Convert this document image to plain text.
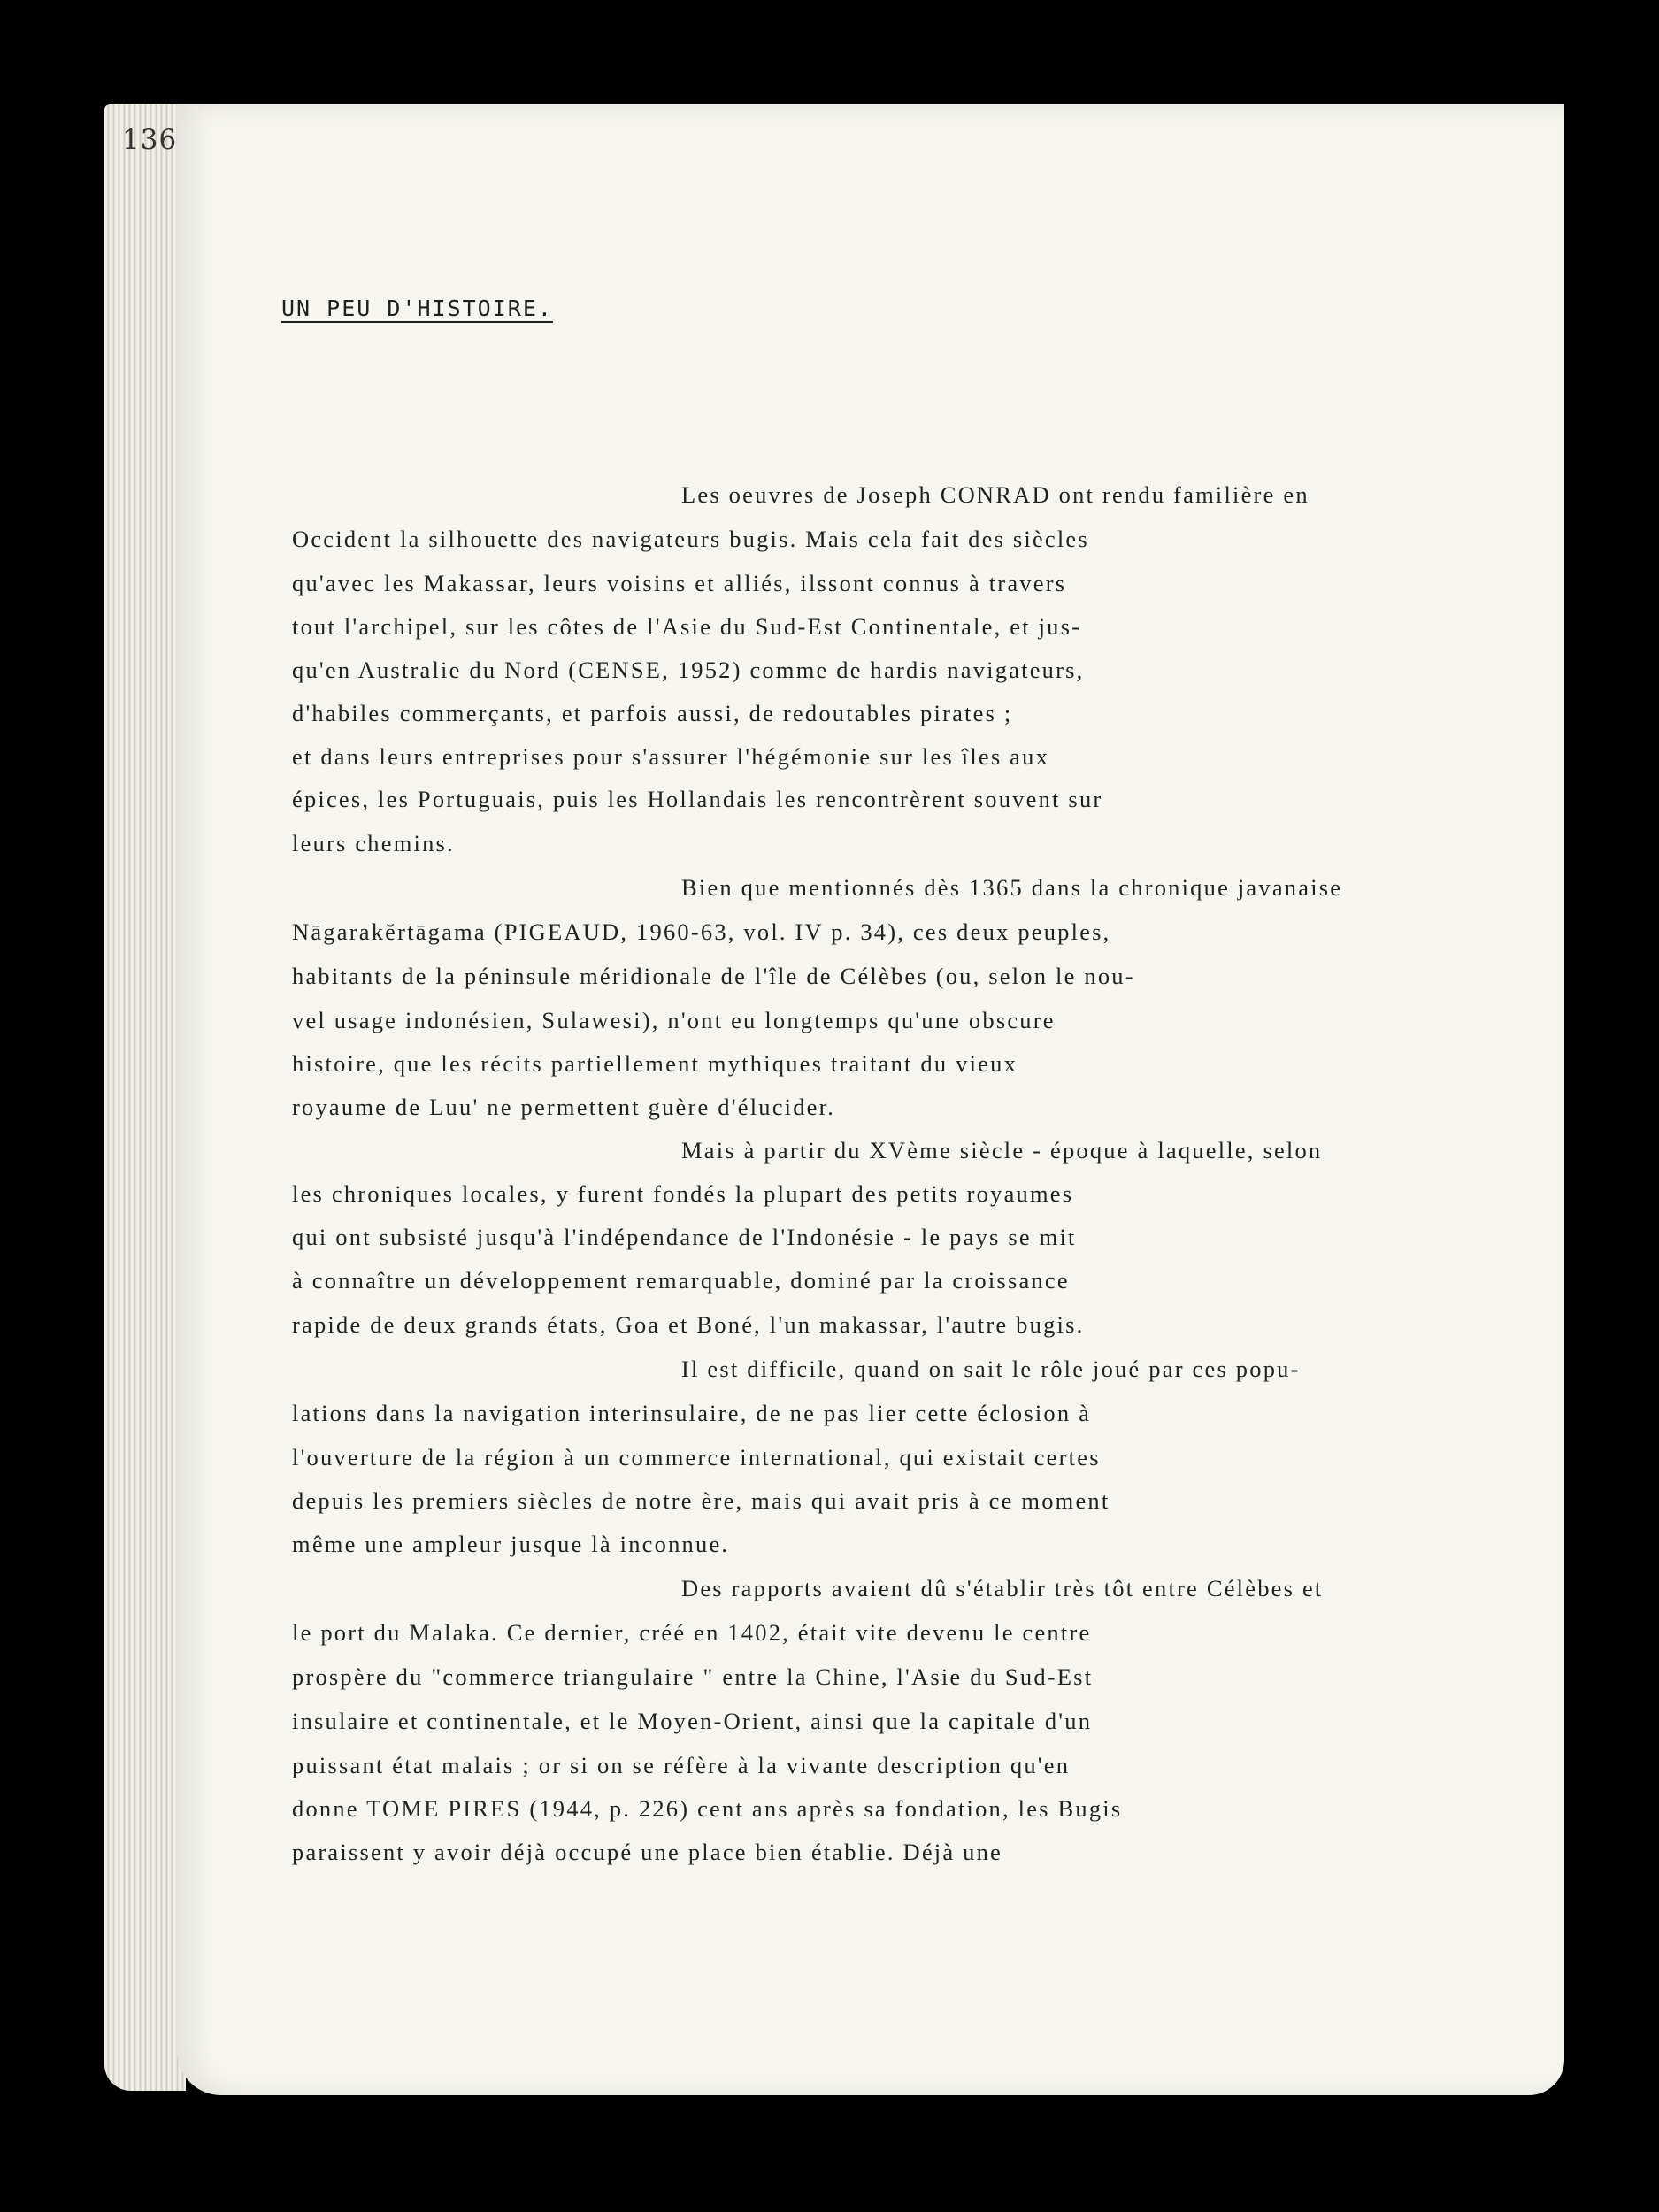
136
UN PEU D'HISTOIRE.
Les oeuvres de Joseph CONRAD ont rendu familière en
Occident la silhouette des navigateurs bugis. Mais cela fait des siècles
qu'avec les Makassar, leurs voisins et alliés, ilssont connus à travers
tout l'archipel, sur les côtes de l'Asie du Sud-Est Continentale, et jus-
qu'en Australie du Nord (CENSE, 1952) comme de hardis navigateurs,
d'habiles commerçants, et parfois aussi, de redoutables pirates ;
et dans leurs entreprises pour s'assurer l'hégémonie sur les îles aux
épices, les Portuguais, puis les Hollandais les rencontrèrent souvent sur
leurs chemins.
Bien que mentionnés dès 1365 dans la chronique javanaise
Nāgarakĕrtāgama (PIGEAUD, 1960-63, vol. IV p. 34), ces deux peuples,
habitants de la péninsule méridionale de l'île de Célèbes (ou, selon le nou-
vel usage indonésien, Sulawesi), n'ont eu longtemps qu'une obscure
histoire, que les récits partiellement mythiques traitant du vieux
royaume de Luu' ne permettent guère d'élucider.
Mais à partir du XVème siècle - époque à laquelle, selon
les chroniques locales, y furent fondés la plupart des petits royaumes
qui ont subsisté jusqu'à l'indépendance de l'Indonésie - le pays se mit
à connaître un développement remarquable, dominé par la croissance
rapide de deux grands états, Goa et Boné, l'un makassar, l'autre bugis.
Il est difficile, quand on sait le rôle joué par ces popu-
lations dans la navigation interinsulaire, de ne pas lier cette éclosion à
l'ouverture de la région à un commerce international, qui existait certes
depuis les premiers siècles de notre ère, mais qui avait pris à ce moment
même une ampleur jusque là inconnue.
Des rapports avaient dû s'établir très tôt entre Célèbes et
le port du Malaka. Ce dernier, créé en 1402, était vite devenu le centre
prospère du "commerce triangulaire " entre la Chine, l'Asie du Sud-Est
insulaire et continentale, et le Moyen-Orient, ainsi que la capitale d'un
puissant état malais ; or si on se réfère à la vivante description qu'en
donne TOME PIRES (1944, p. 226) cent ans après sa fondation, les Bugis
paraissent y avoir déjà occupé une place bien établie. Déjà une
